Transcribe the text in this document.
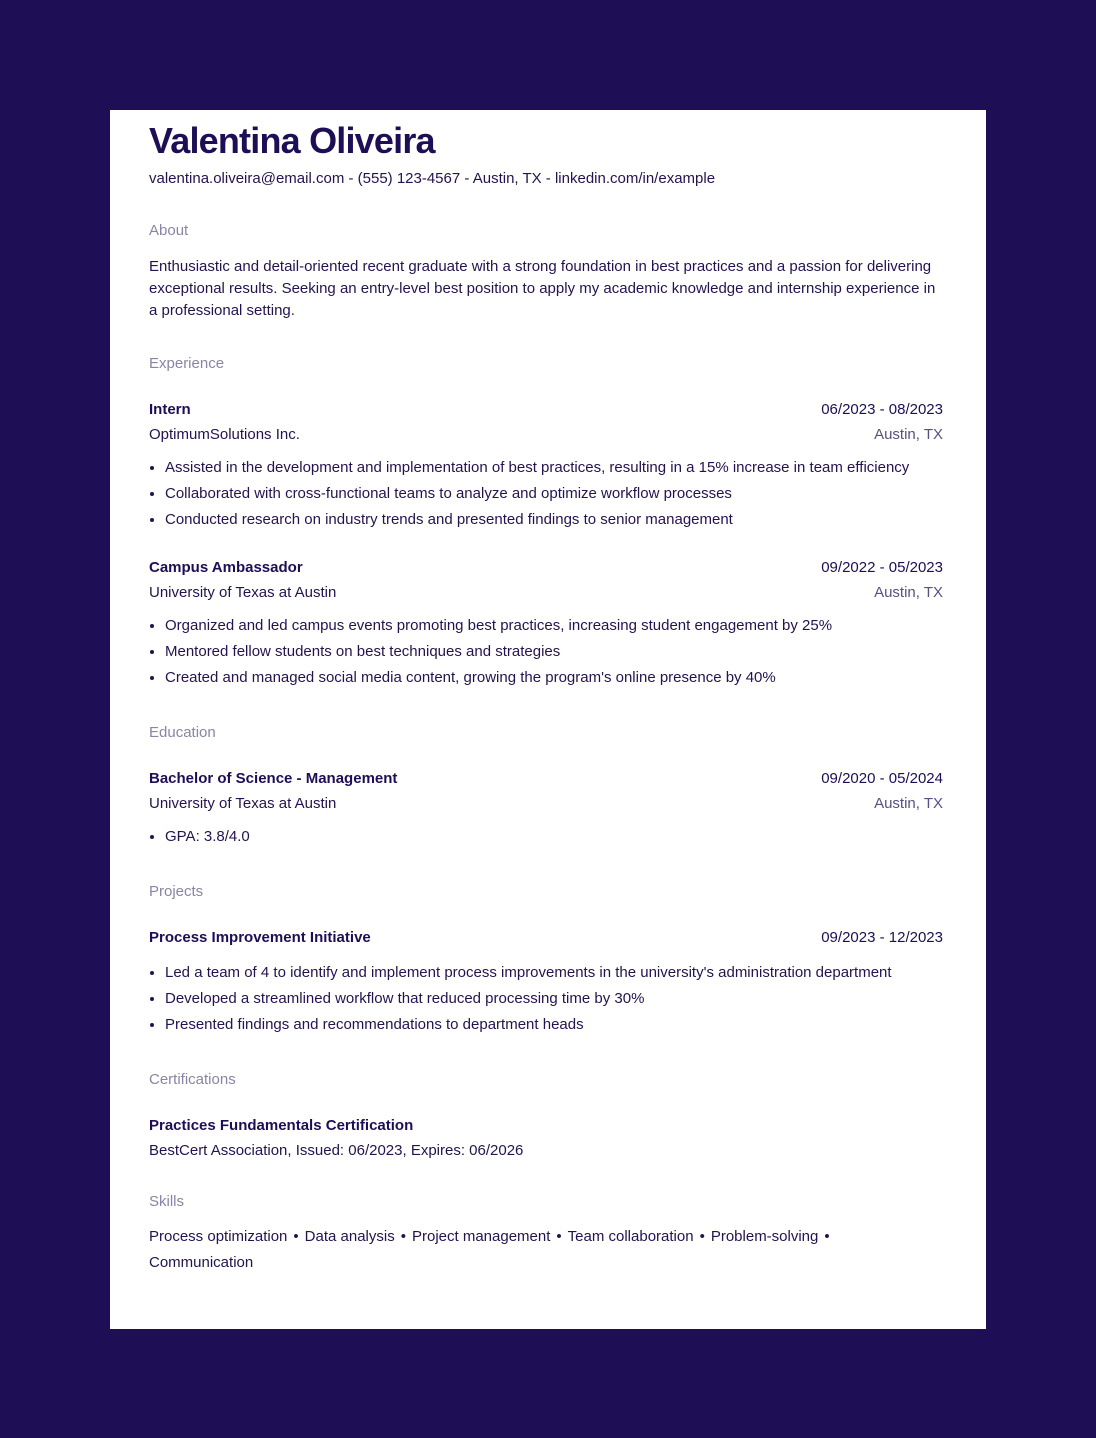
Valentina Oliveira
valentina.oliveira@email.com - (555) 123-4567 - Austin, TX - linkedin.com/in/example
About
Enthusiastic and detail-oriented recent graduate with a strong foundation in best practices and a passion for delivering exceptional results. Seeking an entry-level best position to apply my academic knowledge and internship experience in a professional setting.
Experience
Intern	06/2023 - 08/2023
OptimumSolutions Inc.	Austin, TX
• Assisted in the development and implementation of best practices, resulting in a 15% increase in team efficiency
• Collaborated with cross-functional teams to analyze and optimize workflow processes
• Conducted research on industry trends and presented findings to senior management
Campus Ambassador	09/2022 - 05/2023
University of Texas at Austin	Austin, TX
• Organized and led campus events promoting best practices, increasing student engagement by 25%
• Mentored fellow students on best techniques and strategies
• Created and managed social media content, growing the program's online presence by 40%
Education
Bachelor of Science - Management	09/2020 - 05/2024
University of Texas at Austin	Austin, TX
• GPA: 3.8/4.0
Projects
Process Improvement Initiative	09/2023 - 12/2023
• Led a team of 4 to identify and implement process improvements in the university's administration department
• Developed a streamlined workflow that reduced processing time by 30%
• Presented findings and recommendations to department heads
Certifications
Practices Fundamentals Certification
BestCert Association, Issued: 06/2023, Expires: 06/2026
Skills
Process optimization • Data analysis • Project management • Team collaboration • Problem-solving •
Communication
